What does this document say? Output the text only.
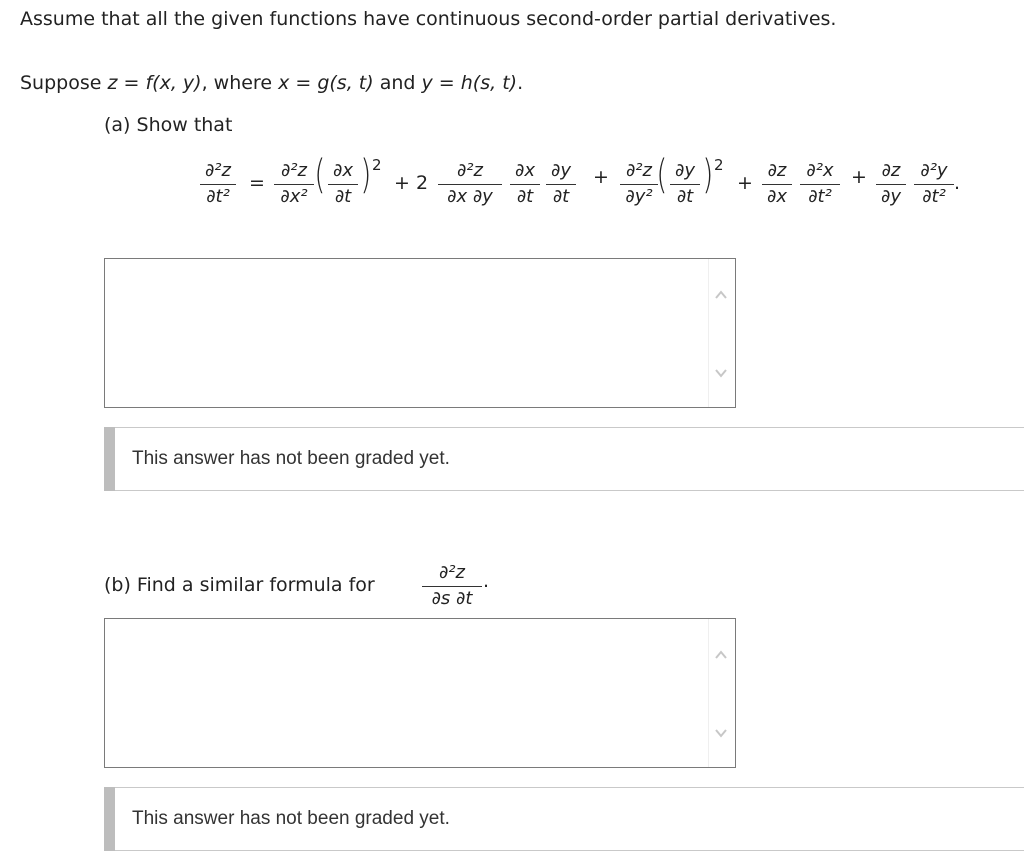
Assume that all the given functions have continuous second-order partial derivatives.
Suppose z = f(x, y), where x = g(s, t) and y = h(s, t).
(a) Show that
∂²z
∂t²
=
∂²z
∂x² ( ∂x
∂t ) 2
+ 2
∂²z
∂x ∂y
∂x
∂t
∂y
∂t
+ ∂²z
∂y² ( ∂y
∂t ) 2
+
∂z
∂x
∂²x
∂t²
+ ∂z
∂y
∂²y
∂t²
.
This answer has not been graded yet.
(b) Find a similar formula for
∂²z
∂s ∂t
.
This answer has not been graded yet.
